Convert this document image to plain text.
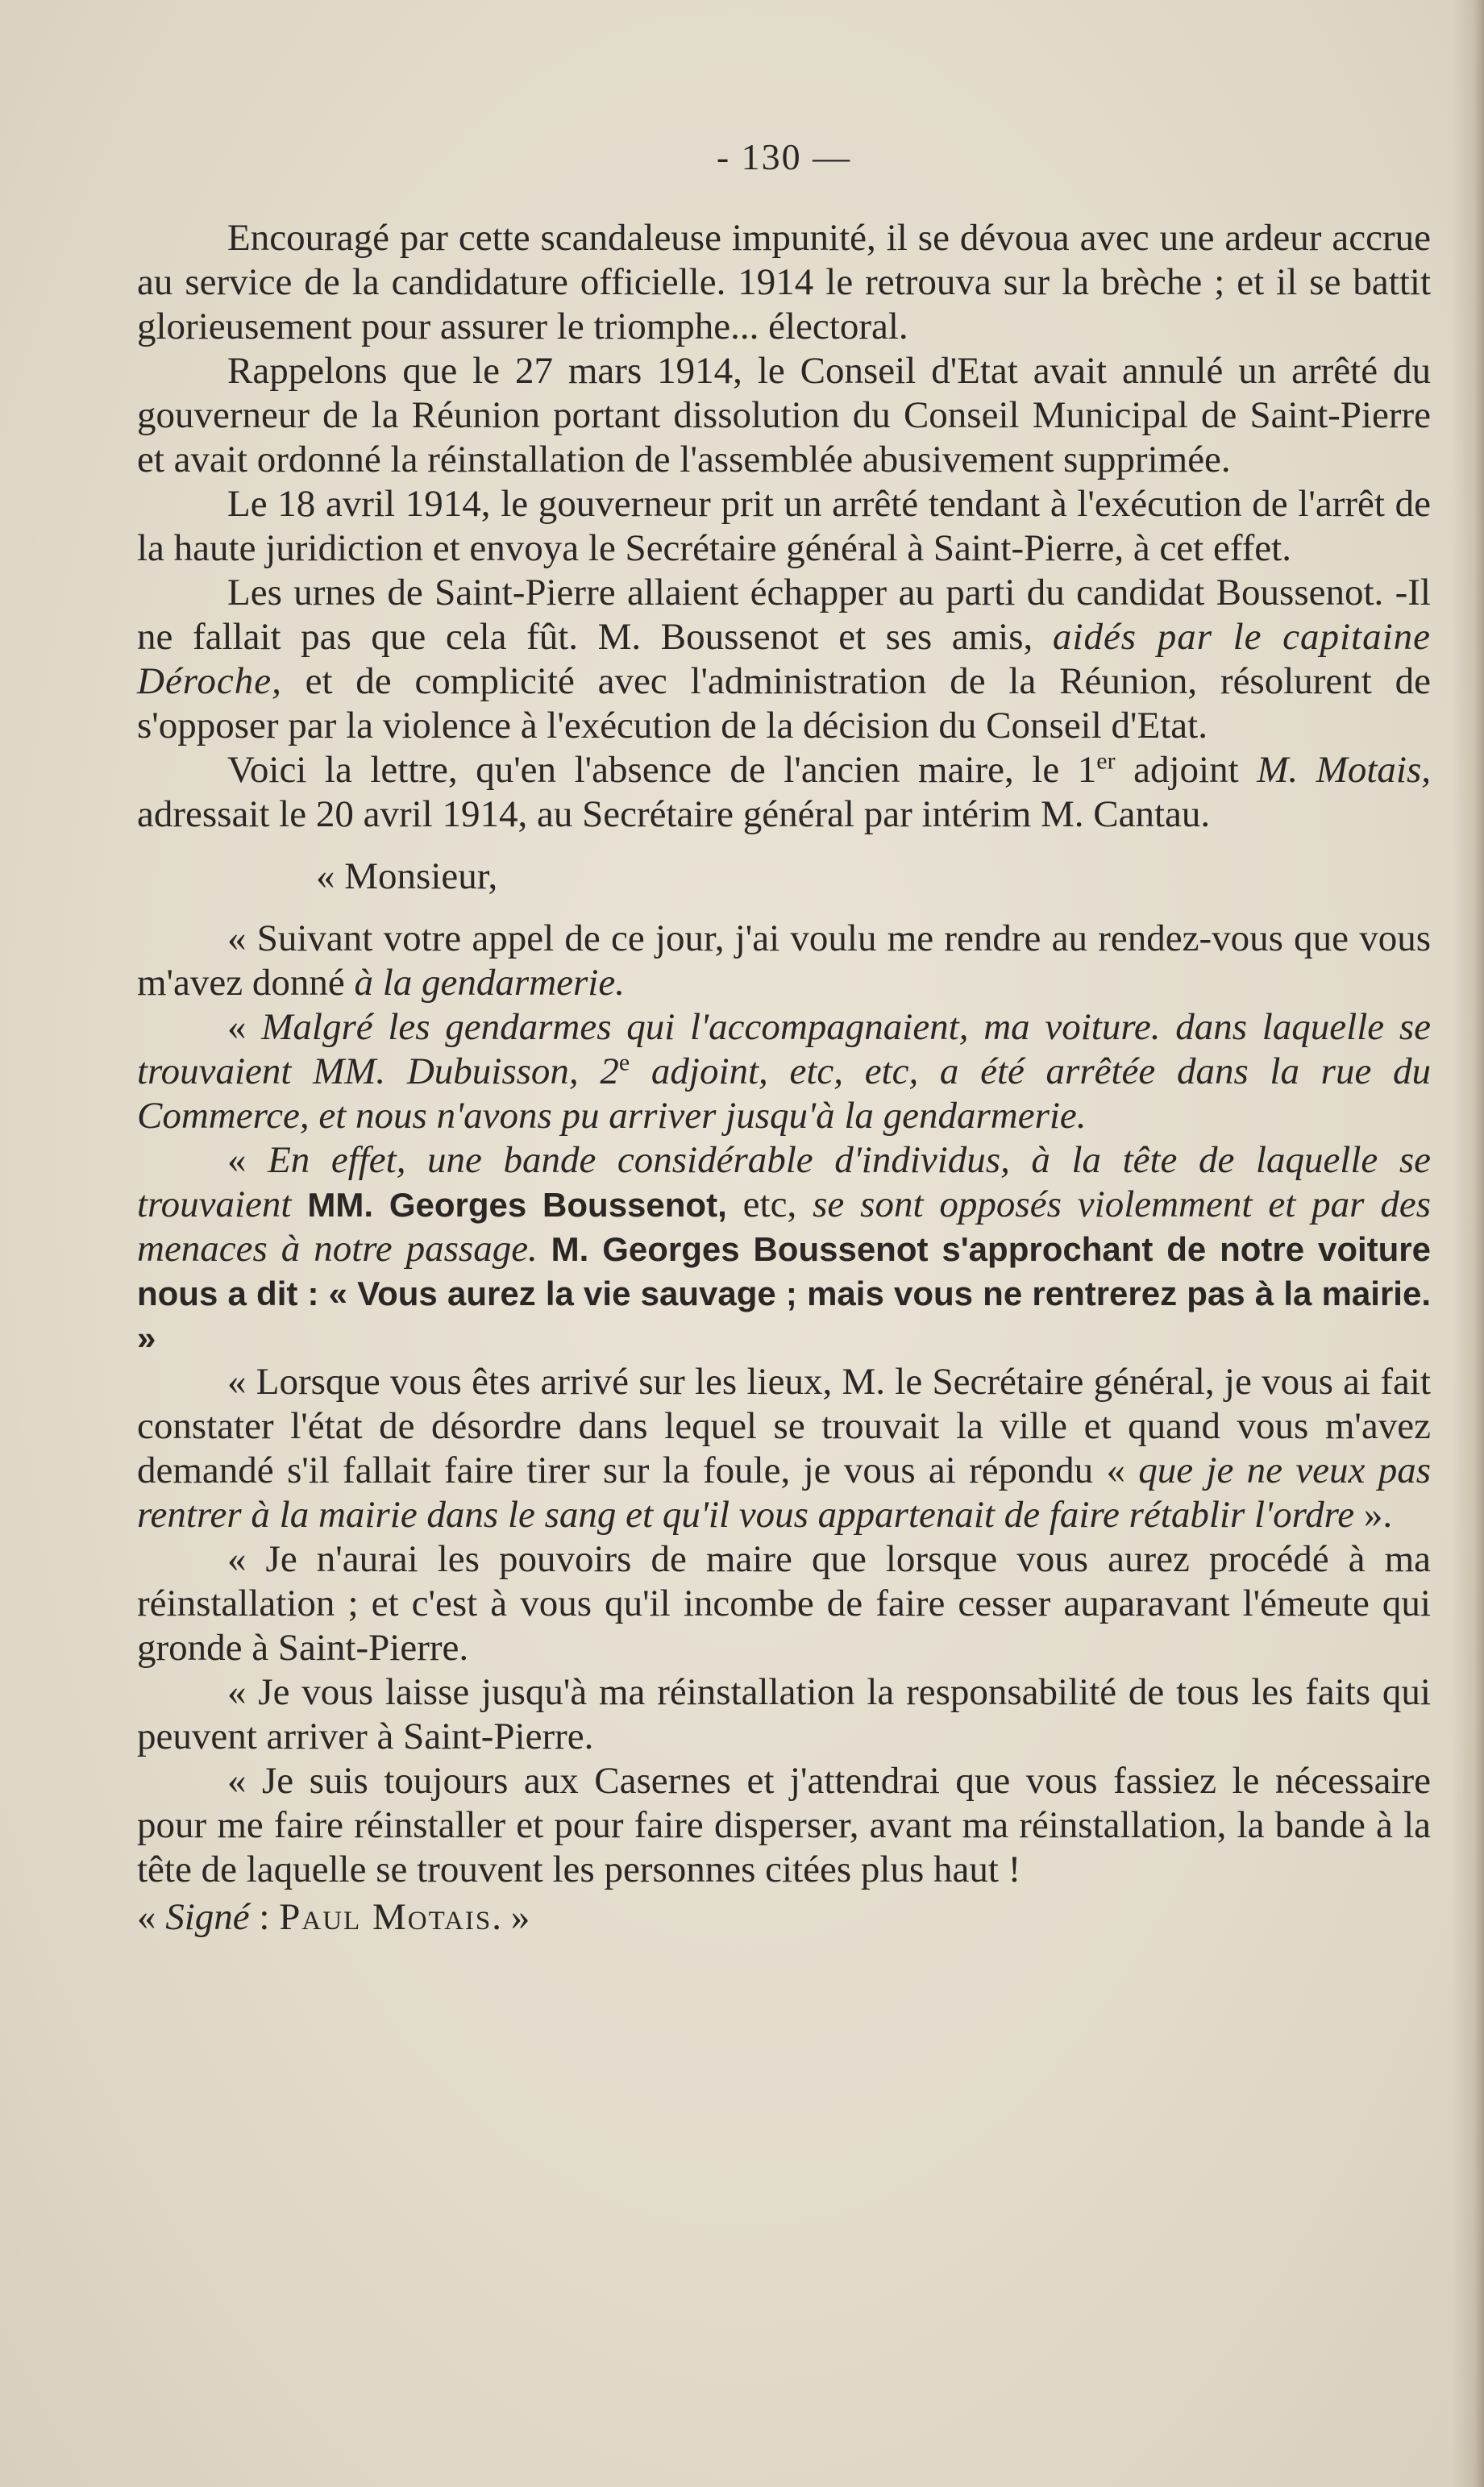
- 130 —

Encouragé par cette scandaleuse impunité, il se dévoua avec une ardeur accrue au service de la candidature officielle. 1914 le retrouva sur la brèche ; et il se battit glorieusement pour assurer le triomphe... électoral.

Rappelons que le 27 mars 1914, le Conseil d'Etat avait annulé un arrêté du gouverneur de la Réunion portant dissolution du Conseil Municipal de Saint-Pierre et avait ordonné la réinstallation de l'assemblée abusivement supprimée.

Le 18 avril 1914, le gouverneur prit un arrêté tendant à l'exécution de l'arrêt de la haute juridiction et envoya le Secrétaire général à Saint-Pierre, à cet effet.

Les urnes de Saint-Pierre allaient échapper au parti du candidat Boussenot. -Il ne fallait pas que cela fût. M. Boussenot et ses amis, aidés par le capitaine Déroche, et de complicité avec l'administration de la Réunion, résolurent de s'opposer par la violence à l'exécution de la décision du Conseil d'Etat.

Voici la lettre, qu'en l'absence de l'ancien maire, le 1er adjoint M. Motais, adressait le 20 avril 1914, au Secrétaire général par intérim M. Cantau.

« Monsieur,

« Suivant votre appel de ce jour, j'ai voulu me rendre au rendez-vous que vous m'avez donné à la gendarmerie.

« Malgré les gendarmes qui l'accompagnaient, ma voiture. dans laquelle se trouvaient MM. Dubuisson, 2e adjoint, etc, etc, a été arrêtée dans la rue du Commerce, et nous n'avons pu arriver jusqu'à la gendarmerie.

« En effet, une bande considérable d'individus, à la tête de laquelle se trouvaient MM. Georges Boussenot, etc, se sont opposés violemment et par des menaces à notre passage. M. Georges Boussenot s'approchant de notre voiture nous a dit : « Vous aurez la vie sauvage ; mais vous ne rentrerez pas à la mairie. »

« Lorsque vous êtes arrivé sur les lieux, M. le Secrétaire général, je vous ai fait constater l'état de désordre dans lequel se trouvait la ville et quand vous m'avez demandé s'il fallait faire tirer sur la foule, je vous ai répondu « que je ne veux pas rentrer à la mairie dans le sang et qu'il vous appartenait de faire rétablir l'ordre ».

« Je n'aurai les pouvoirs de maire que lorsque vous aurez procédé à ma réinstallation ; et c'est à vous qu'il incombe de faire cesser auparavant l'émeute qui gronde à Saint-Pierre.

« Je vous laisse jusqu'à ma réinstallation la responsabilité de tous les faits qui peuvent arriver à Saint-Pierre.

« Je suis toujours aux Casernes et j'attendrai que vous fassiez le nécessaire pour me faire réinstaller et pour faire disperser, avant ma réinstallation, la bande à la tête de laquelle se trouvent les personnes citées plus haut !

« Signé : Paul Motais. »
